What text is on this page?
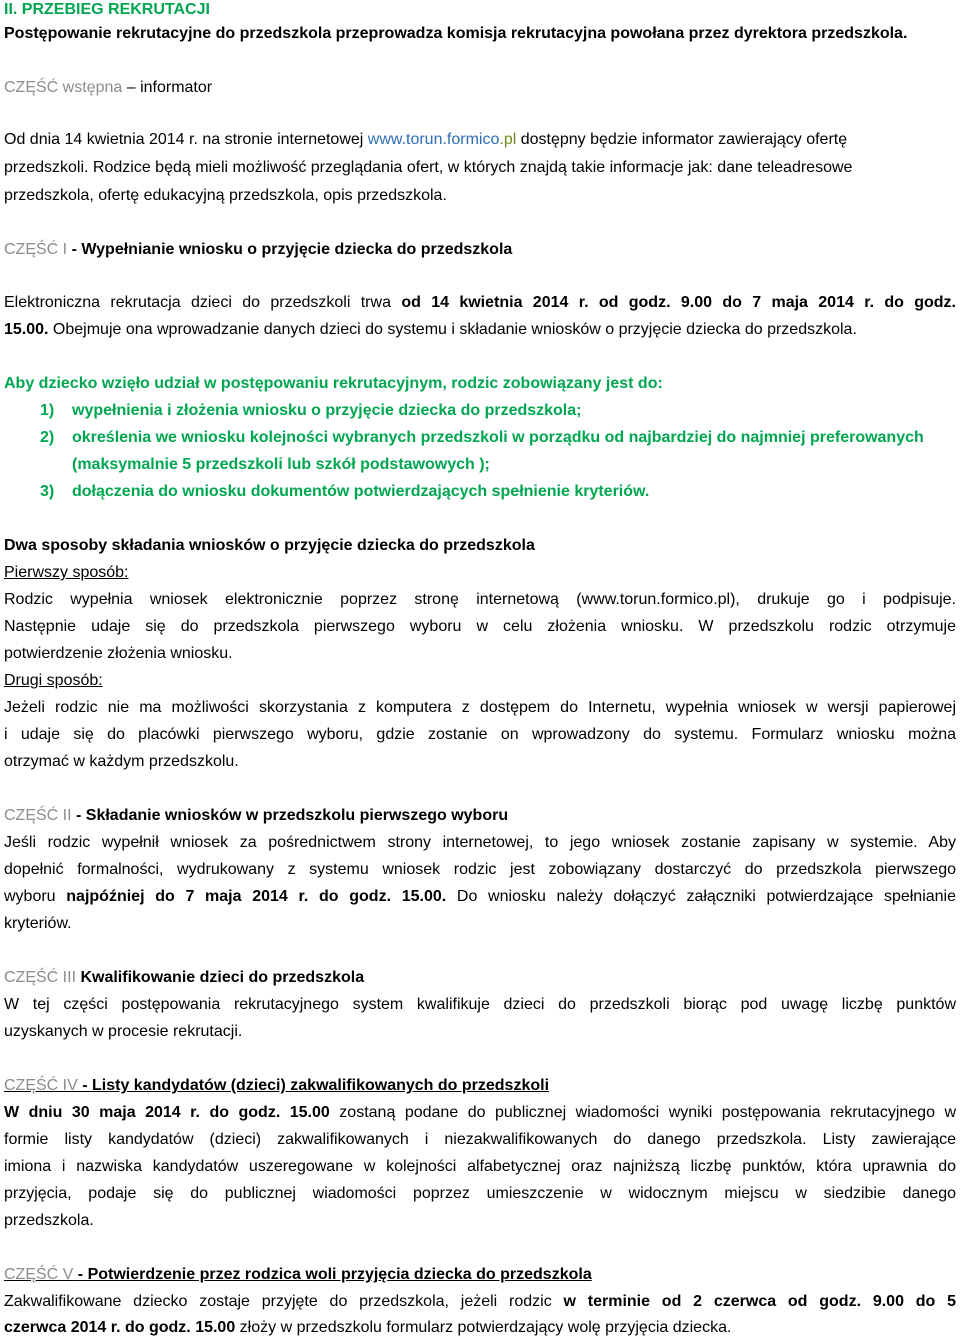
II. PRZEBIEG REKRUTACJI
Postępowanie rekrutacyjne do przedszkola przeprowadza komisja rekrutacyjna powołana przez dyrektora przedszkola.
CZĘŚĆ wstępna – informator
Od dnia 14 kwietnia 2014 r. na stronie internetowej www.torun.formico.pl dostępny będzie informator zawierający ofertę
przedszkoli. Rodzice będą mieli możliwość przeglądania ofert, w których znajdą takie informacje jak: dane teleadresowe
przedszkola, ofertę edukacyjną przedszkola, opis przedszkola.
CZĘŚĆ I - Wypełnianie wniosku o przyjęcie dziecka do przedszkola
Elektroniczna rekrutacja dzieci do przedszkoli trwa od 14 kwietnia 2014 r. od godz. 9.00 do 7 maja 2014 r. do godz.
15.00. Obejmuje ona wprowadzanie danych dzieci do systemu i składanie wniosków o przyjęcie dziecka do przedszkola.
Aby dziecko wzięło udział w postępowaniu rekrutacyjnym, rodzic zobowiązany jest do:
1) wypełnienia i złożenia wniosku o przyjęcie dziecka do przedszkola;
2) określenia we wniosku kolejności wybranych przedszkoli w porządku od najbardziej do najmniej preferowanych
(maksymalnie 5 przedszkoli lub szkół podstawowych );
3) dołączenia do wniosku dokumentów potwierdzających spełnienie kryteriów.
Dwa sposoby składania wniosków o przyjęcie dziecka do przedszkola
Pierwszy sposób:
Rodzic wypełnia wniosek elektronicznie poprzez stronę internetową (www.torun.formico.pl), drukuje go i podpisuje.
Następnie udaje się do przedszkola pierwszego wyboru w celu złożenia wniosku. W przedszkolu rodzic otrzymuje
potwierdzenie złożenia wniosku.
Drugi sposób:
Jeżeli rodzic nie ma możliwości skorzystania z komputera z dostępem do Internetu, wypełnia wniosek w wersji papierowej
i udaje się do placówki pierwszego wyboru, gdzie zostanie on wprowadzony do systemu. Formularz wniosku można
otrzymać w każdym przedszkolu.
CZĘŚĆ II - Składanie wniosków w przedszkolu pierwszego wyboru
Jeśli rodzic wypełnił wniosek za pośrednictwem strony internetowej, to jego wniosek zostanie zapisany w systemie. Aby
dopełnić formalności, wydrukowany z systemu wniosek rodzic jest zobowiązany dostarczyć do przedszkola pierwszego
wyboru najpóźniej do 7 maja 2014 r. do godz. 15.00. Do wniosku należy dołączyć załączniki potwierdzające spełnianie
kryteriów.
CZĘŚĆ III Kwalifikowanie dzieci do przedszkola
W tej części postępowania rekrutacyjnego system kwalifikuje dzieci do przedszkoli biorąc pod uwagę liczbę punktów
uzyskanych w procesie rekrutacji.
CZĘŚĆ IV - Listy kandydatów (dzieci) zakwalifikowanych do przedszkoli
W dniu 30 maja 2014 r. do godz. 15.00 zostaną podane do publicznej wiadomości wyniki postępowania rekrutacyjnego w
formie listy kandydatów (dzieci) zakwalifikowanych i niezakwalifikowanych do danego przedszkola. Listy zawierające
imiona i nazwiska kandydatów uszeregowane w kolejności alfabetycznej oraz najniższą liczbę punktów, która uprawnia do
przyjęcia, podaje się do publicznej wiadomości poprzez umieszczenie w widocznym miejscu w siedzibie danego
przedszkola.
CZĘŚĆ V - Potwierdzenie przez rodzica woli przyjęcia dziecka do przedszkola
Zakwalifikowane dziecko zostaje przyjęte do przedszkola, jeżeli rodzic w terminie od 2 czerwca od godz. 9.00 do 5
czerwca 2014 r. do godz. 15.00 złoży w przedszkolu formularz potwierdzający wolę przyjęcia dziecka.
